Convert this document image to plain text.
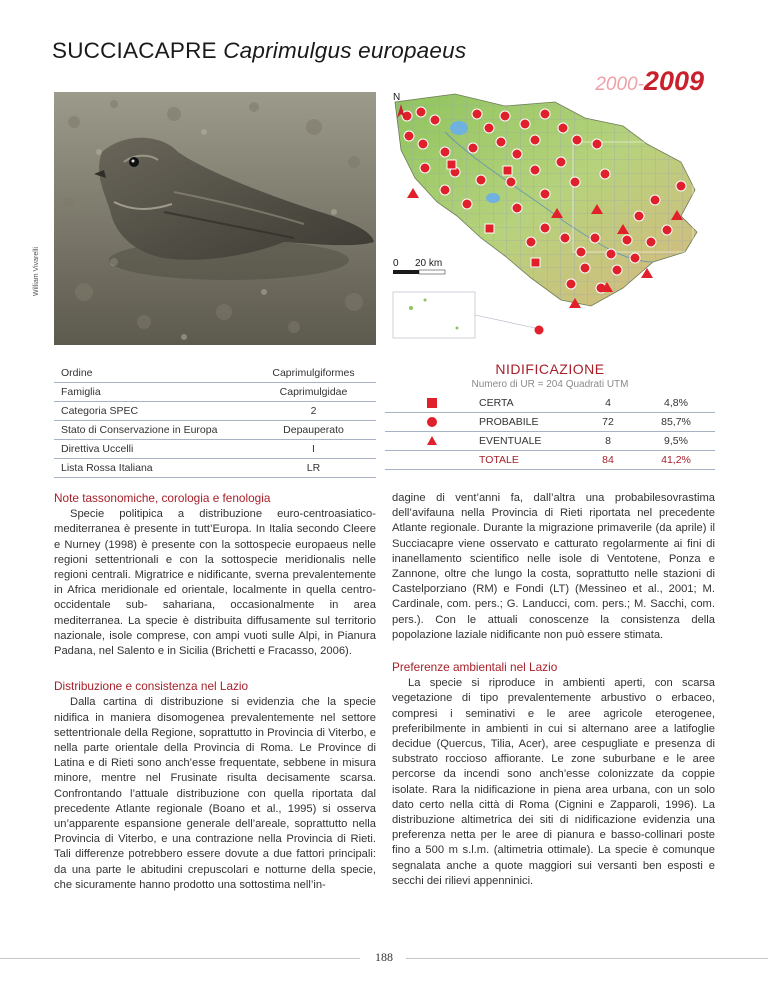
SUCCIACAPRE Caprimulgus europaeus
2000-2009
William Vivarelli
N
0 20 km
Ordine	Caprimulgiformes
Famiglia	Caprimulgidae
Categoria SPEC	2
Stato di Conservazione in Europa	Depauperato
Direttiva Uccelli	I
Lista Rossa Italiana	LR
NIDIFICAZIONE
Numero di UR = 204 Quadrati UTM
CERTA	4	4,8%
PROBABILE	72	85,7%
EVENTUALE	8	9,5%
TOTALE	84	41,2%
Note tassonomiche, corologia e fenologia

Specie politipica a distribuzione euro-centroasiatico-mediterranea è presente in tutt’Europa. In Italia secondo Cleere e Nurney (1998) è presente con la sottospecie europaeus nelle regioni settentrionali e con la sottospecie meridionalis nelle regioni centrali. Migratrice e nidificante, sverna prevalentemente in Africa meridionale ed orientale, localmente in quella centro-occidentale sub- sahariana, occasionalmente in area mediterranea. La specie è distribuita diffusamente sul territorio nazionale, isole comprese, con ampi vuoti sulle Alpi, in Pianura Padana, nel Salento e in Sicilia (Brichetti e Fracasso, 2006).

Distribuzione e consistenza nel Lazio

Dalla cartina di distribuzione si evidenzia che la specie nidifica in maniera disomogenea prevalentemente nel settore settentrionale della Regione, soprattutto in Provincia di Viterbo, e nella parte orientale della Provincia di Roma. Le Province di Latina e di Rieti sono anch’esse frequentate, sebbene in misura minore, mentre nel Frusinate risulta decisamente scarsa. Confrontando l’attuale distribuzione con quella riportata dal precedente Atlante regionale (Boano et al., 1995) si osserva un’apparente espansione generale dell’areale, soprattutto nella Provincia di Viterbo, e una contrazione nella Provincia di Rieti. Tali differenze potrebbero essere dovute a due fattori principali: da una parte le abitudini crepuscolari e notturne della specie, che sicuramente hanno prodotto una sottostima nell’in-

dagine di vent’anni fa, dall’altra una probabilesovrastima dell’avifauna nella Provincia di Rieti riportata nel precedente Atlante regionale. Durante la migrazione primaverile (da aprile) il Succiacapre viene osservato e catturato regolarmente ai fini di inanellamento scientifico nelle isole di Ventotene, Ponza e Zannone, oltre che lungo la costa, soprattutto nelle stazioni di Castelporziano (RM) e Fondi (LT) (Messineo et al., 2001; M. Cardinale, com. pers.; G. Landucci, com. pers.; M. Sacchi, com. pers.). Con le attuali conoscenze la consistenza della popolazione laziale nidificante non può essere stimata.

Preferenze ambientali nel Lazio

La specie si riproduce in ambienti aperti, con scarsa vegetazione di tipo prevalentemente arbustivo o erbaceo, compresi i seminativi e le aree agricole eterogenee, preferibilmente in ambienti in cui si alternano aree a latifoglie decidue (Quercus, Tilia, Acer), aree cespugliate e presenza di substrato roccioso affiorante. Le zone suburbane e le aree percorse da incendi sono anch’esse colonizzate da coppie isolate. Rara la nidificazione in piena area urbana, con un solo dato certo nella città di Roma (Cignini e Zapparoli, 1996). La distribuzione altimetrica dei siti di nidificazione evidenzia una preferenza netta per le aree di pianura e basso-collinari poste fino a 500 m s.l.m. (altimetria ottimale). La specie è comunque segnalata anche a quote maggiori sui versanti ben esposti e secchi dei rilievi appenninici.

188
